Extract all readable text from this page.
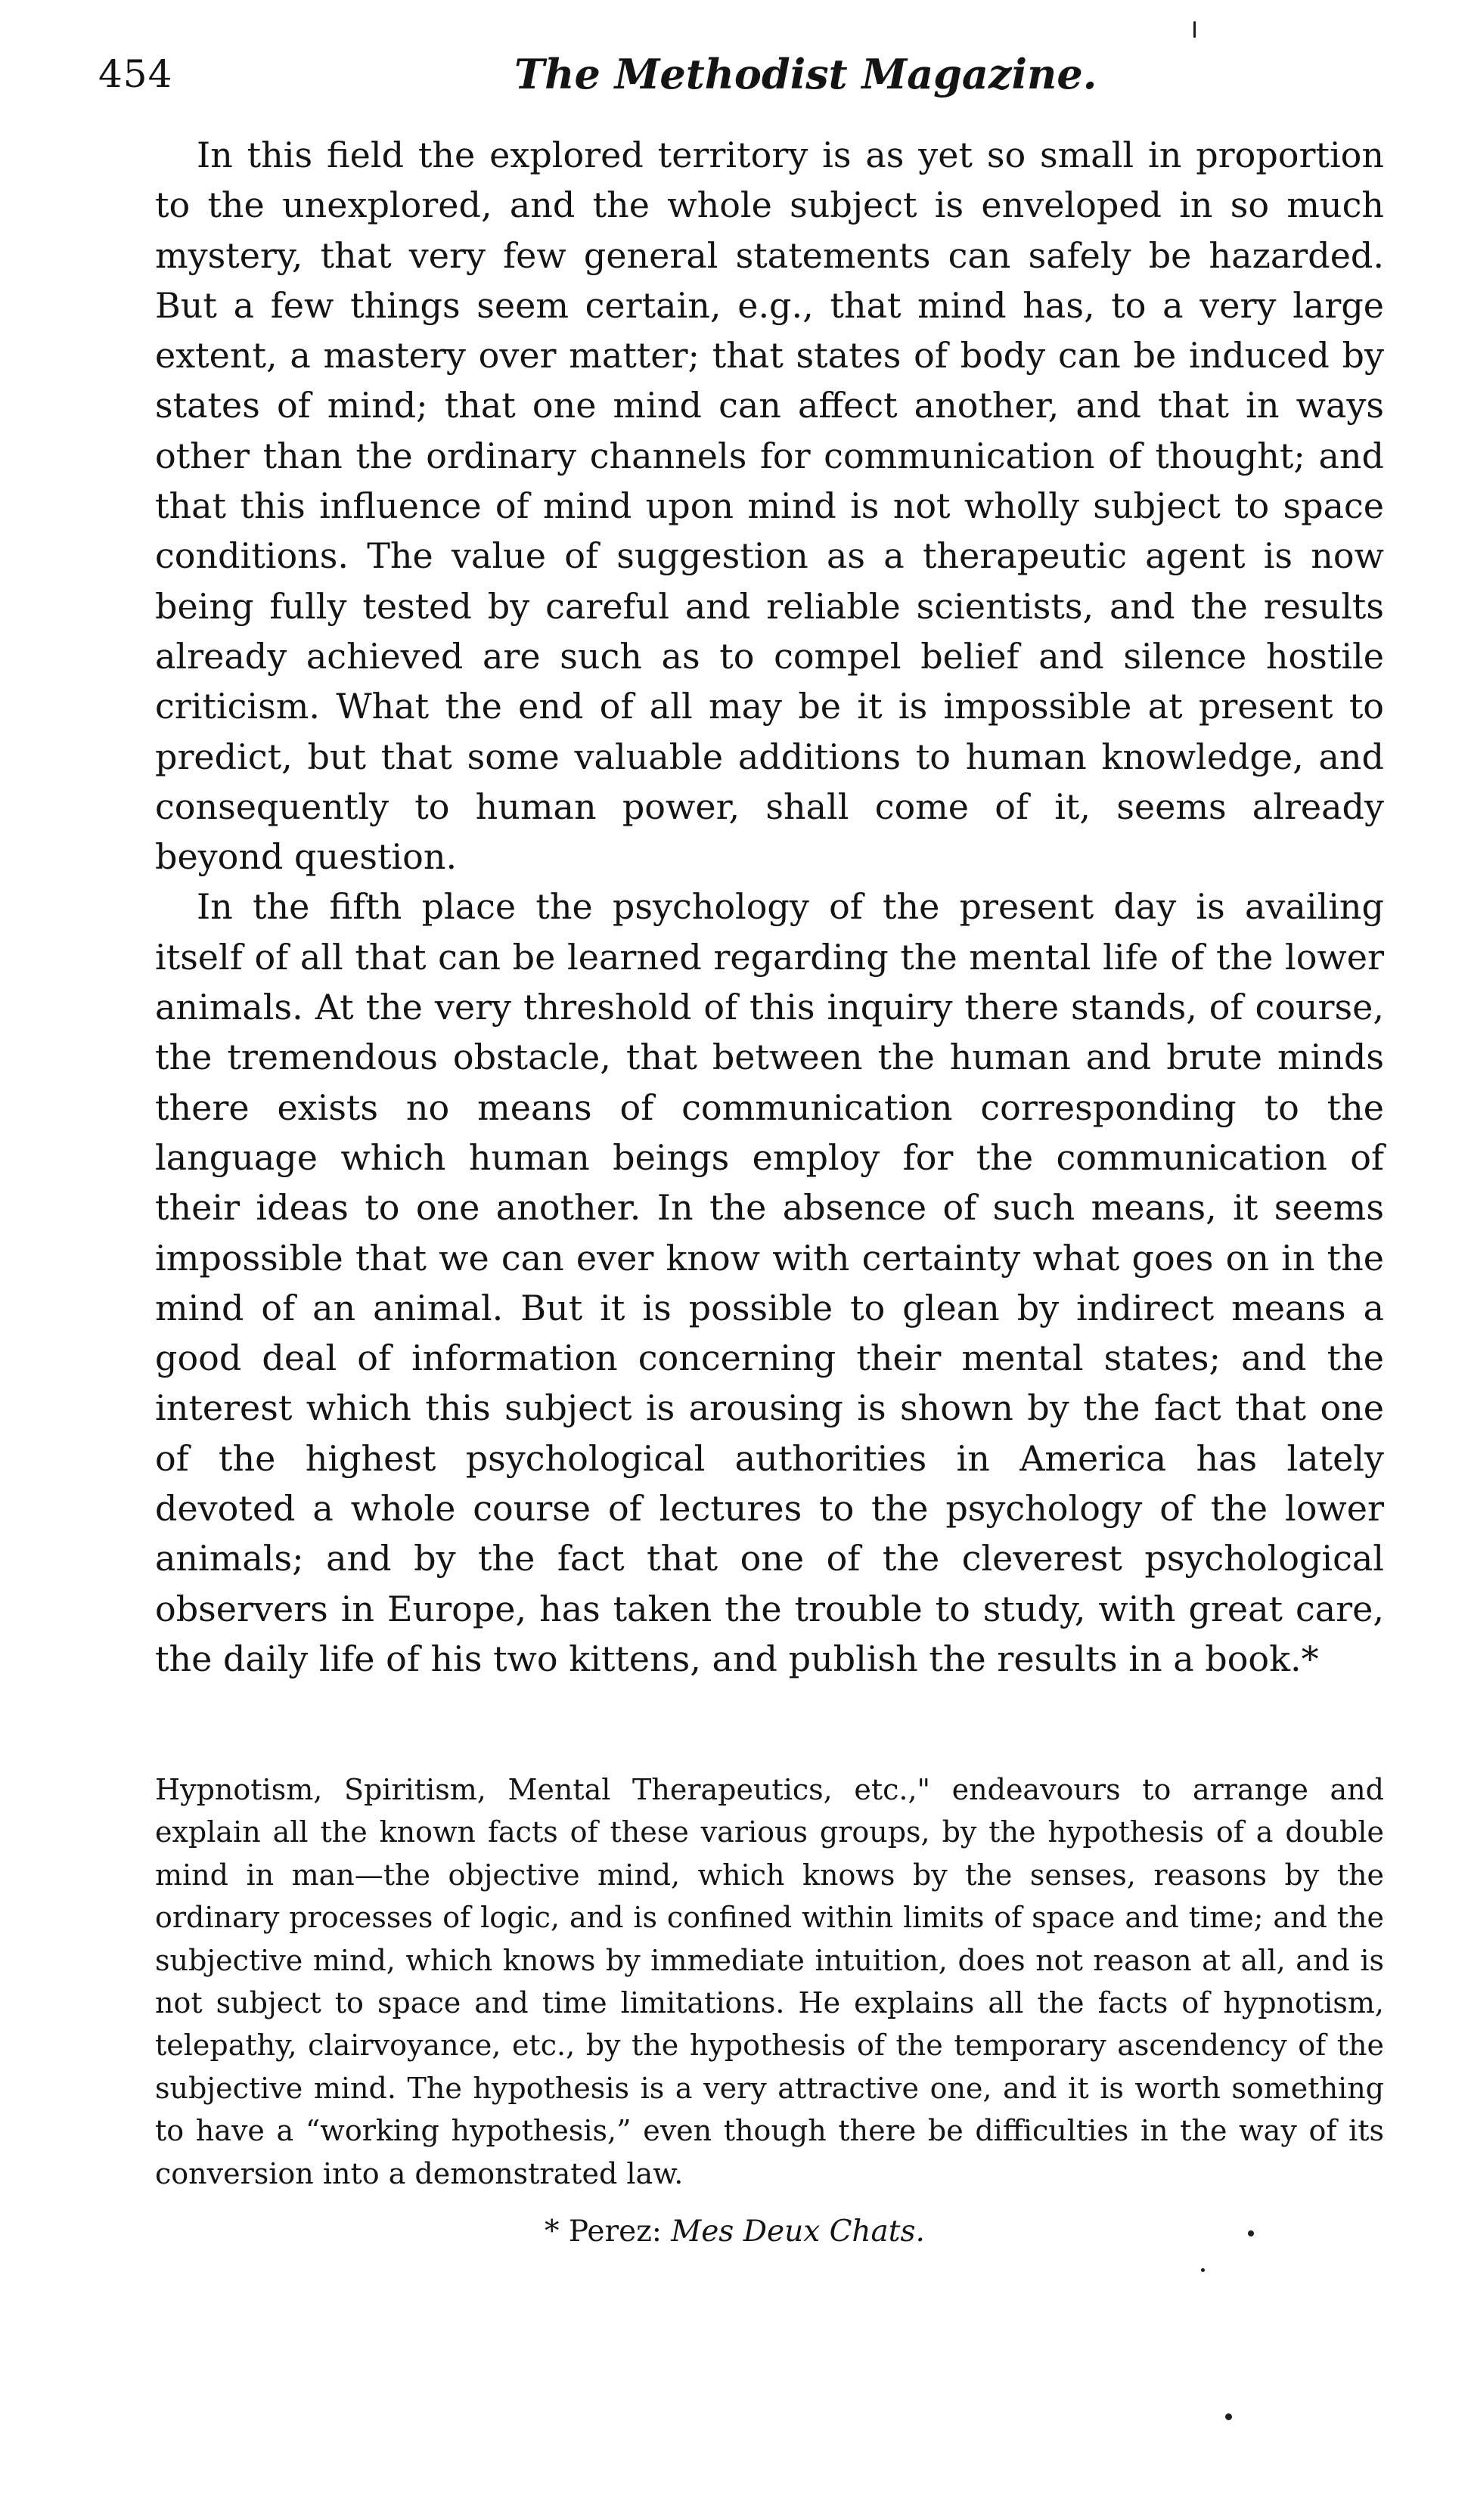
454	The Methodist Magazine.

In this field the explored territory is as yet so small in proportion to the unexplored, and the whole subject is enveloped in so much mystery, that very few general statements can safely be hazarded. But a few things seem certain, e.g., that mind has, to a very large extent, a mastery over matter; that states of body can be induced by states of mind; that one mind can affect another, and that in ways other than the ordinary channels for communication of thought; and that this influence of mind upon mind is not wholly subject to space conditions. The value of suggestion as a therapeutic agent is now being fully tested by careful and reliable scientists, and the results already achieved are such as to compel belief and silence hostile criticism. What the end of all may be it is impossible at present to predict, but that some valuable additions to human knowledge, and consequently to human power, shall come of it, seems already beyond question.

In the fifth place the psychology of the present day is availing itself of all that can be learned regarding the mental life of the lower animals. At the very threshold of this inquiry there stands, of course, the tremendous obstacle, that between the human and brute minds there exists no means of communication corresponding to the language which human beings employ for the communication of their ideas to one another. In the absence of such means, it seems impossible that we can ever know with certainty what goes on in the mind of an animal. But it is possible to glean by indirect means a good deal of information concerning their mental states; and the interest which this subject is arousing is shown by the fact that one of the highest psychological authorities in America has lately devoted a whole course of lectures to the psychology of the lower animals; and by the fact that one of the cleverest psychological observers in Europe, has taken the trouble to study, with great care, the daily life of his two kittens, and publish the results in a book.*

Hypnotism, Spiritism, Mental Therapeutics, etc.," endeavours to arrange and explain all the known facts of these various groups, by the hypothesis of a double mind in man—the objective mind, which knows by the senses, reasons by the ordinary processes of logic, and is confined within limits of space and time; and the subjective mind, which knows by immediate intuition, does not reason at all, and is not subject to space and time limitations. He explains all the facts of hypnotism, telepathy, clairvoyance, etc., by the hypothesis of the temporary ascendency of the subjective mind. The hypothesis is a very attractive one, and it is worth something to have a “working hypothesis,” even though there be difficulties in the way of its conversion into a demonstrated law.

* Perez: Mes Deux Chats.
